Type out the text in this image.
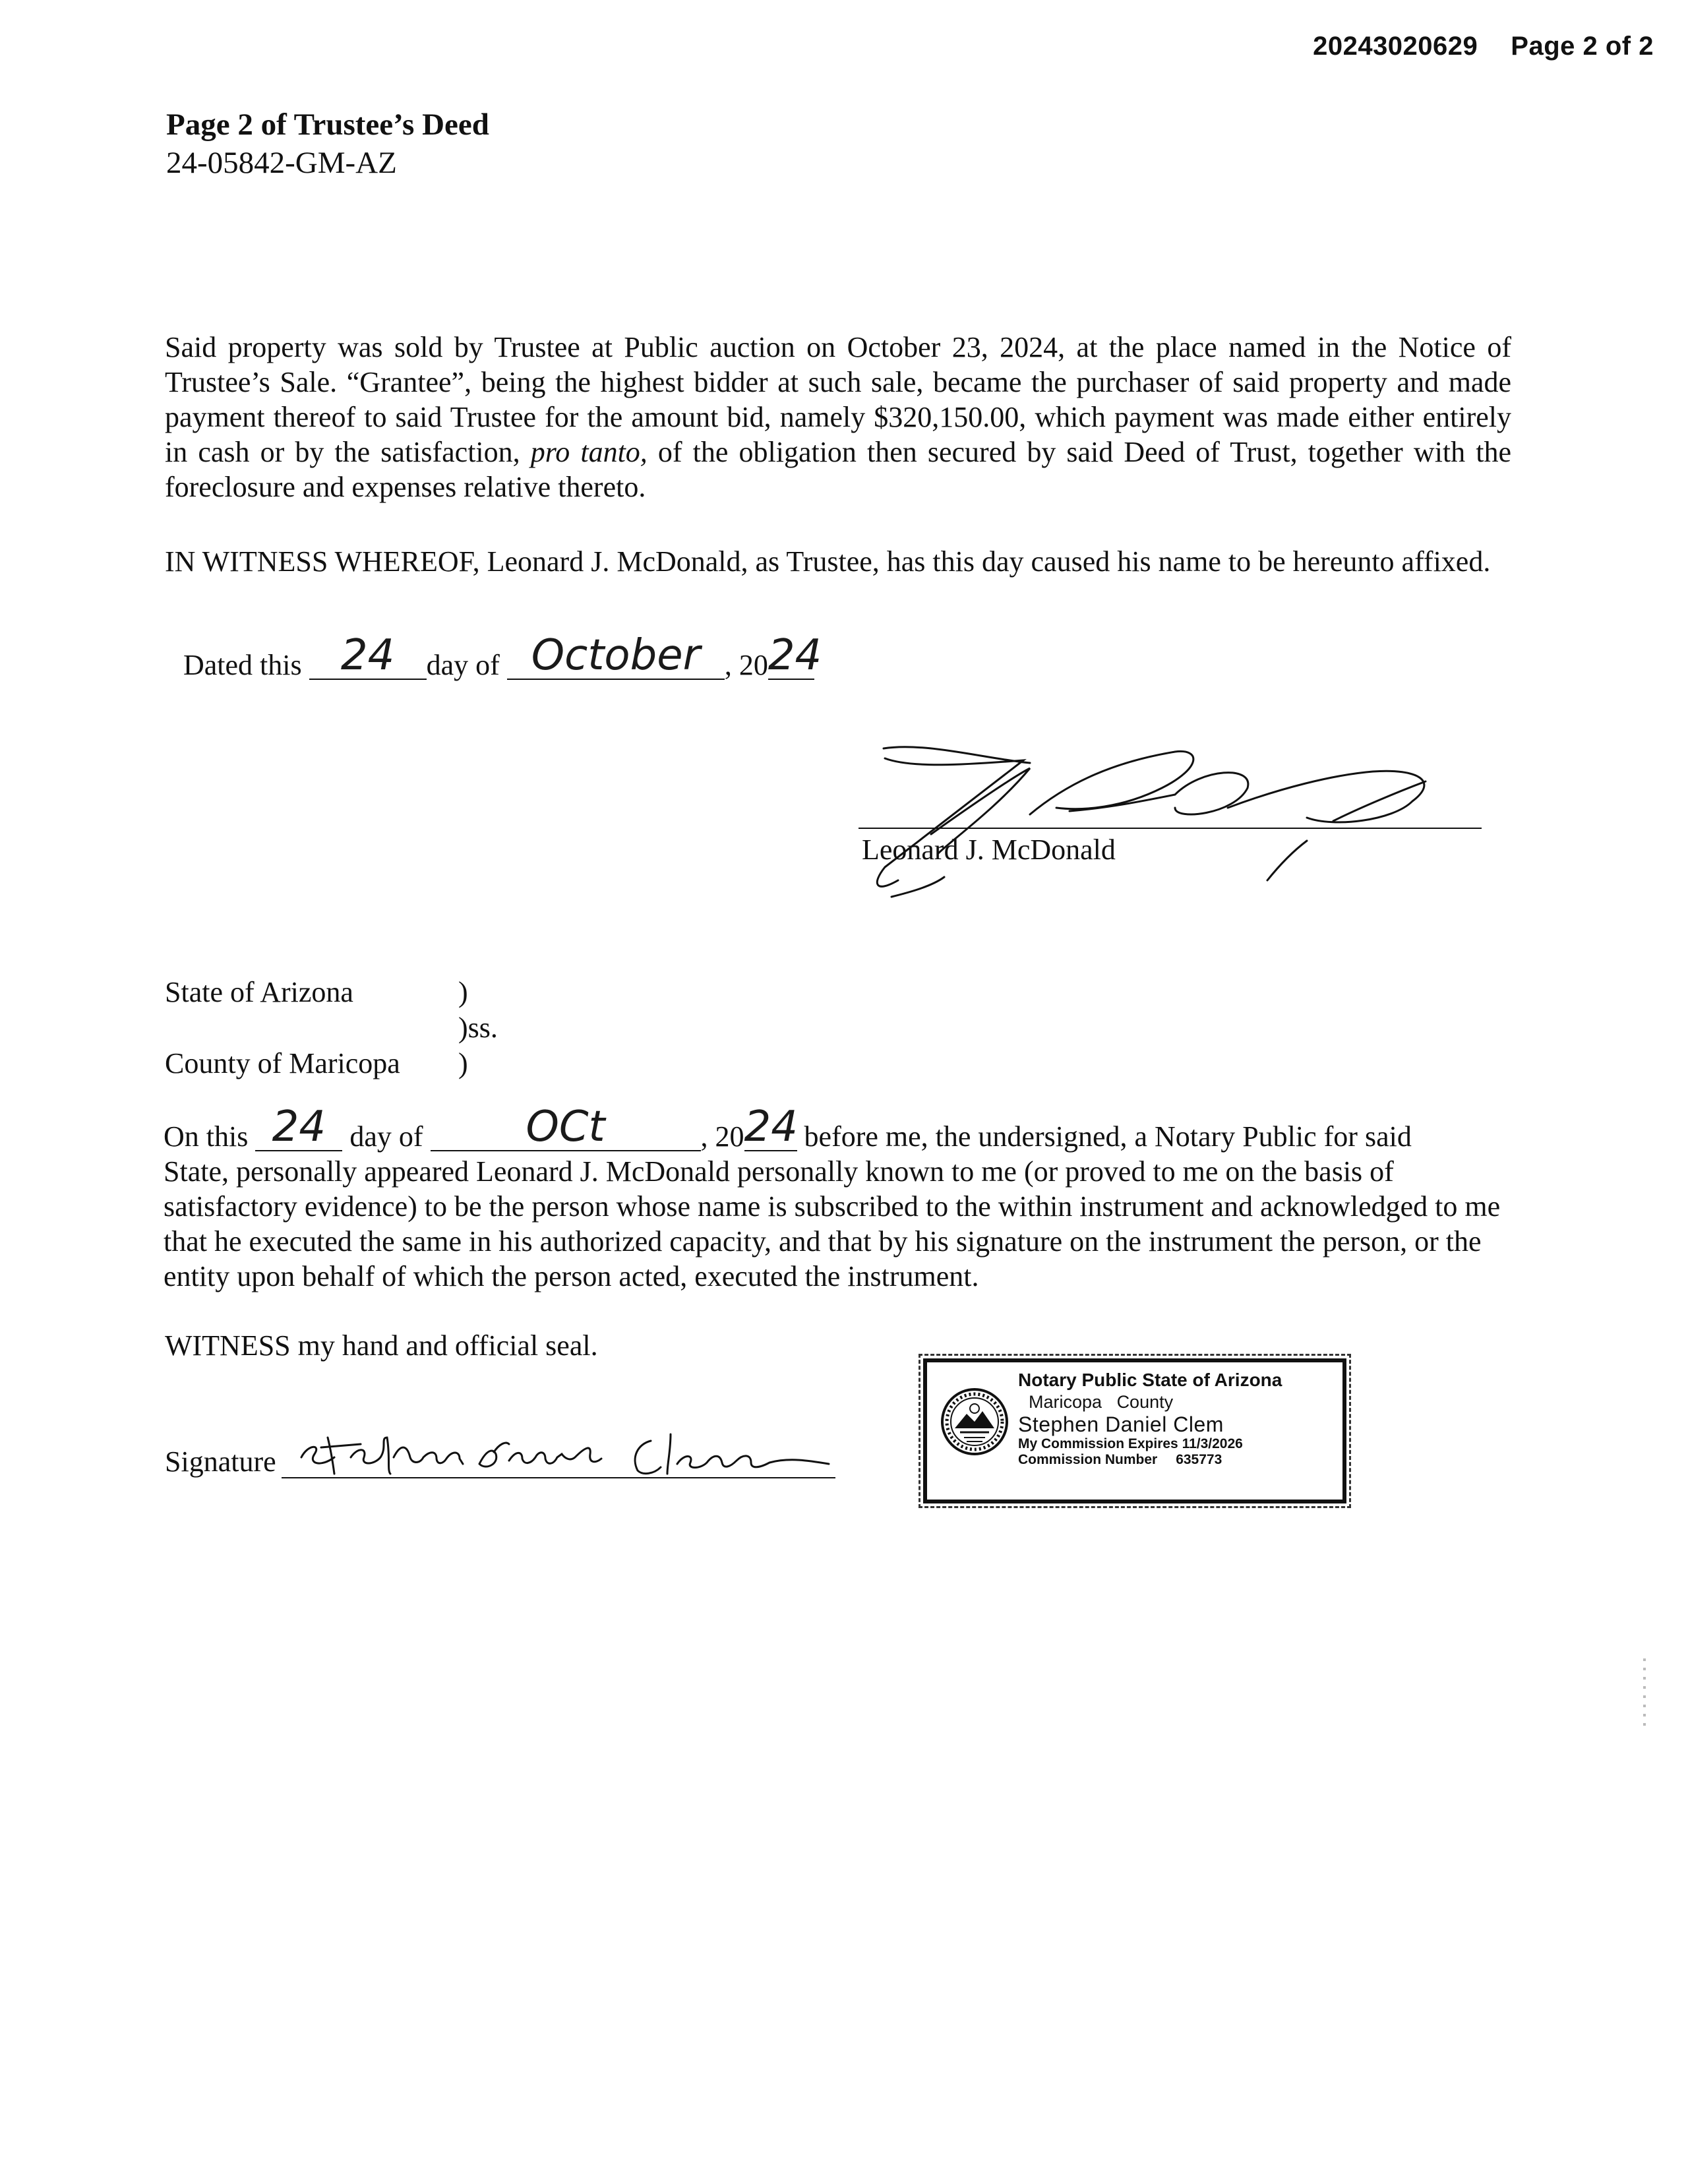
20243020629 Page 2 of 2
Page 2 of Trustee’s Deed
24-05842-GM-AZ
Said property was sold by Trustee at Public auction on October 23, 2024, at the place named in the Notice of Trustee’s Sale. “Grantee”, being the highest bidder at such sale, became the purchaser of said property and made payment thereof to said Trustee for the amount bid, namely $320,150.00, which payment was made either entirely in cash or by the satisfaction, pro tanto, of the obligation then secured by said Deed of Trust, together with the foreclosure and expenses relative thereto.
IN WITNESS WHEREOF, Leonard J. McDonald, as Trustee, has this day caused his name to be hereunto affixed.
Dated this 24 day of October , 2024
Leonard J. McDonald
State of Arizona	)
)ss.
County of Maricopa )
On this 24 day of OCt	, 2024 before me, the undersigned, a Notary Public for said
State, personally appeared Leonard J. McDonald personally known to me (or proved to me on the basis of satisfactory evidence) to be the person whose name is subscribed to the within instrument and acknowledged to me that he executed the same in his authorized capacity, and that by his signature on the instrument the person, or the entity upon behalf of which the person acted, executed the instrument.
WITNESS my hand and official seal.
Signature
Notary Public State of Arizona
Maricopa County
Stephen Daniel Clem
My Commission Expires 11/3/2026
Commission Number 635773
